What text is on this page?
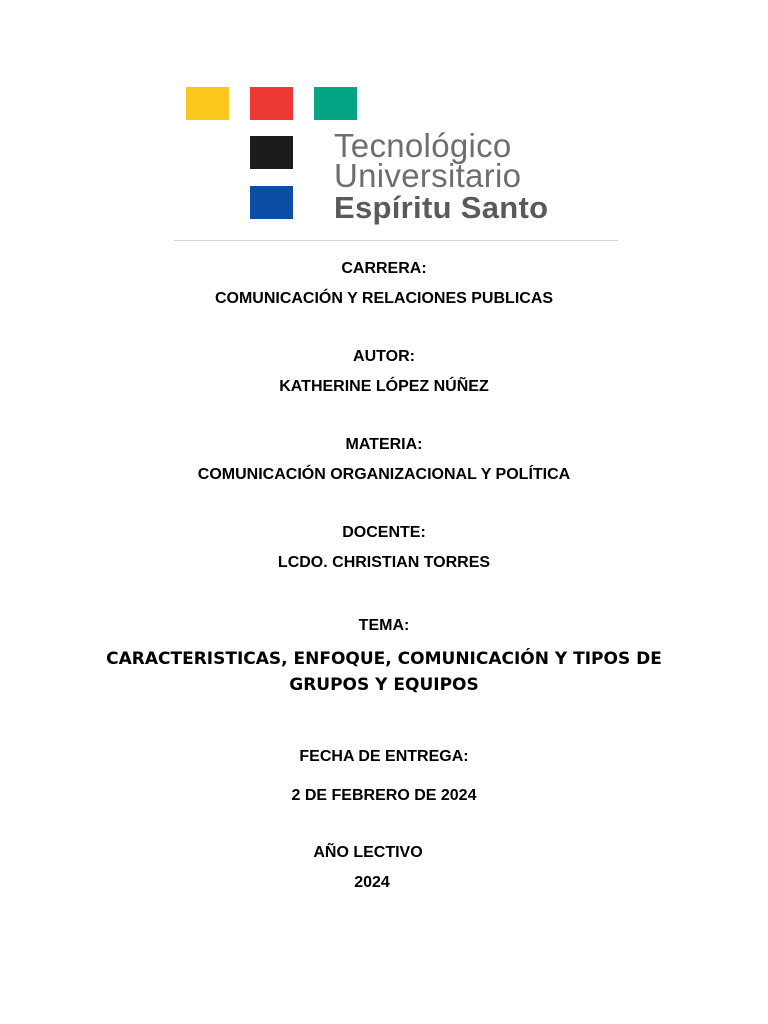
Tecnológico
Universitario
Espíritu Santo
CARRERA:
COMUNICACIÓN Y RELACIONES PUBLICAS
AUTOR:
KATHERINE LÓPEZ NÚÑEZ
MATERIA:
COMUNICACIÓN ORGANIZACIONAL Y POLÍTICA
DOCENTE:
LCDO. CHRISTIAN TORRES
TEMA:
CARACTERISTICAS, ENFOQUE, COMUNICACIÓN Y TIPOS DE GRUPOS Y EQUIPOS
FECHA DE ENTREGA:
2 DE FEBRERO DE 2024
AÑO LECTIVO
2024
